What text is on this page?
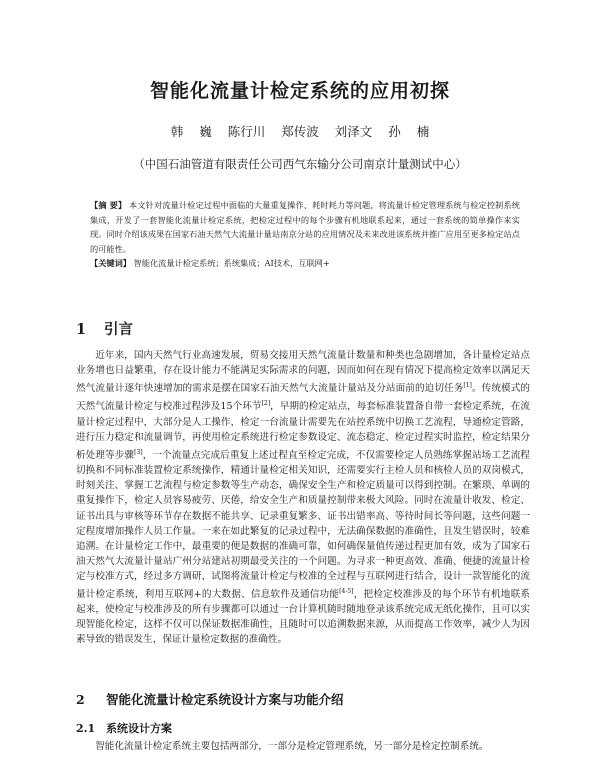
智能化流量计检定系统的应用初探
韩 巍 陈行川 郑传波 刘泽文 孙 楠
（中国石油管道有限责任公司西气东输分公司南京计量测试中心）
【摘 要】 本文针对流量计检定过程中面临的大量重复操作、耗时耗力等问题，将流量计检定管理系统与检定控制系统集成，开发了一套智能化流量计检定系统，把检定过程中的每个步骤有机地联系起来，通过一套系统的简单操作来实现。同时介绍该成果在国家石油天然气大流量计量站南京分站的应用情况及未来改进该系统并推广应用至更多检定站点的可能性。
【关键词】 智能化流量计检定系统；系统集成；AI技术，互联网+
1 引言
近年来，国内天然气行业高速发展，贸易交接用天然气流量计数量和种类也急剧增加，各计量检定站点业务增也日益繁重，存在设计能力不能满足实际需求的问题，因而如何在现有情况下提高检定效率以满足天然气流量计逐年快速增加的需求是摆在国家石油天然气大流量计量站及分站面前的迫切任务[1]。传统模式的天然气流量计检定与校准过程涉及15个环节[2]，早期的检定站点，每套标准装置备自带一套检定系统，在流量计检定过程中，大部分是人工操作，检定一台流量计需要先在站控系统中切换工艺流程，导通检定管路，进行压力稳定和流量调节，再使用检定系统进行检定参数设定、流态稳定、检定过程实时监控，检定结果分析处理等步骤[3]，一个流量点完成后重复上述过程直至检定完成，不仅需要检定人员熟练掌握站场工艺流程切换和不同标准装置检定系统操作，精通计量检定相关知识，还需要实行主检人员和核检人员的双岗模式，时刻关注、掌握工艺流程与检定参数等生产动态，确保安全生产和检定质量可以得到控制。在繁琐、单调的重复操作下，检定人员容易疲劳、厌倦，给安全生产和质量控制带来极大风险。同时在流量计收发、检定、证书出具与审核等环节存在数据不能共享、记录重复繁多、证书出错率高、等待时间长等问题，这些问题一定程度增加操作人员工作量。一来在如此繁复的记录过程中，无法确保数据的准确性，且发生错误时，较难追溯。在计量检定工作中，最重要的便是数据的准确可靠，如何确保量值传递过程更加有效，成为了国家石油天然气大流量计量站广州分站建站初期最受关注的一个问题。为寻求一种更高效、准确、便捷的流量计检定与校准方式，经过多方调研，试图将流量计检定与校准的全过程与互联网进行结合，设计一款智能化的流量计检定系统，利用互联网+的大数据、信息软件及通信功能[4-5]，把检定校准涉及的每个环节有机地联系起来，使检定与校准涉及的所有步骤都可以通过一台计算机随时随地登录该系统完成无纸化操作，且可以实现智能化检定，这样不仅可以保证数据准确性，且随时可以追溯数据来源，从而提高工作效率，减少人为因素导致的错误发生，保证计量检定数据的准确性。
2 智能化流量计检定系统设计方案与功能介绍
2.1 系统设计方案
智能化流量计检定系统主要包括两部分，一部分是检定管理系统，另一部分是检定控制系统。
